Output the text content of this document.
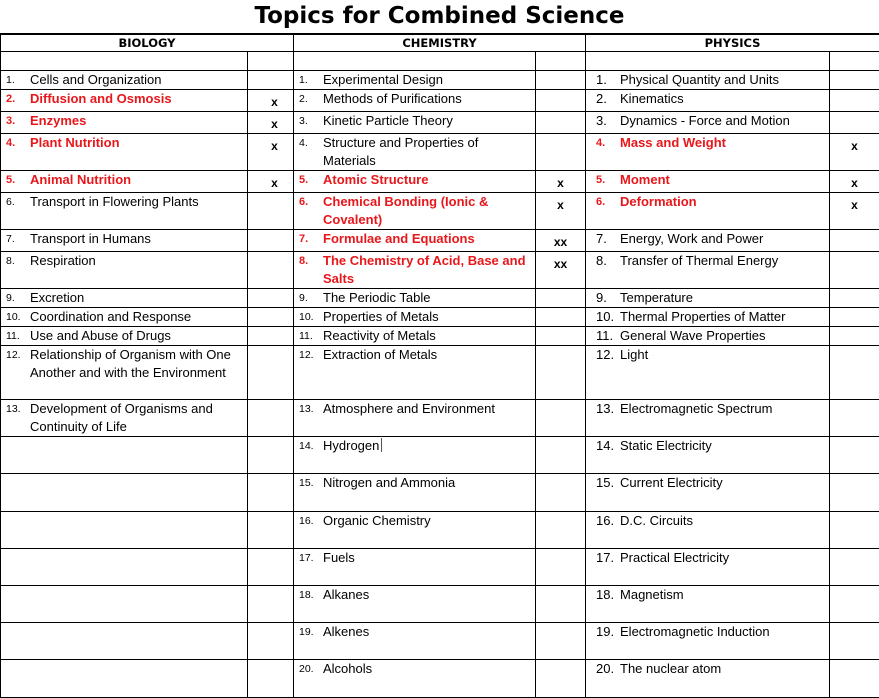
Topics for Combined Science
BIOLOGY		CHEMISTRY		PHYSICS	

1. Cells and Organization		1. Experimental Design		1. Physical Quantity and Units	

2. Diffusion and Osmosis	x	2. Methods of Purifications		2. Kinematics	

3. Enzymes	x	3. Kinetic Particle Theory		3. Dynamics - Force and Motion	

4. Plant Nutrition	x	4. Structure and Properties of Materials		4. Mass and Weight	x

5. Animal Nutrition	x	5. Atomic Structure	x	5. Moment	x

6. Transport in Flowering Plants		6. Chemical Bonding (Ionic & Covalent)	x	6. Deformation	x

7. Transport in Humans		7. Formulae and Equations	xx	7. Energy, Work and Power	

8. Respiration		8. The Chemistry of Acid, Base and Salts	xx	8. Transfer of Thermal Energy	

9. Excretion		9. The Periodic Table		9. Temperature	

10. Coordination and Response		10. Properties of Metals		10. Thermal Properties of Matter	

11. Use and Abuse of Drugs		11. Reactivity of Metals		11. General Wave Properties	

12. Relationship of Organism with One Another and with the Environment		12. Extraction of Metals		12. Light	

13. Development of Organisms and Continuity of Life		13. Atmosphere and Environment		13. Electromagnetic Spectrum	

		14. Hydrogen		14. Static Electricity	

		15. Nitrogen and Ammonia		15. Current Electricity	

		16. Organic Chemistry		16. D.C. Circuits	

		17. Fuels		17. Practical Electricity	

		18. Alkanes		18. Magnetism	

		19. Alkenes		19. Electromagnetic Induction	

		20. Alcohols		20. The nuclear atom	
